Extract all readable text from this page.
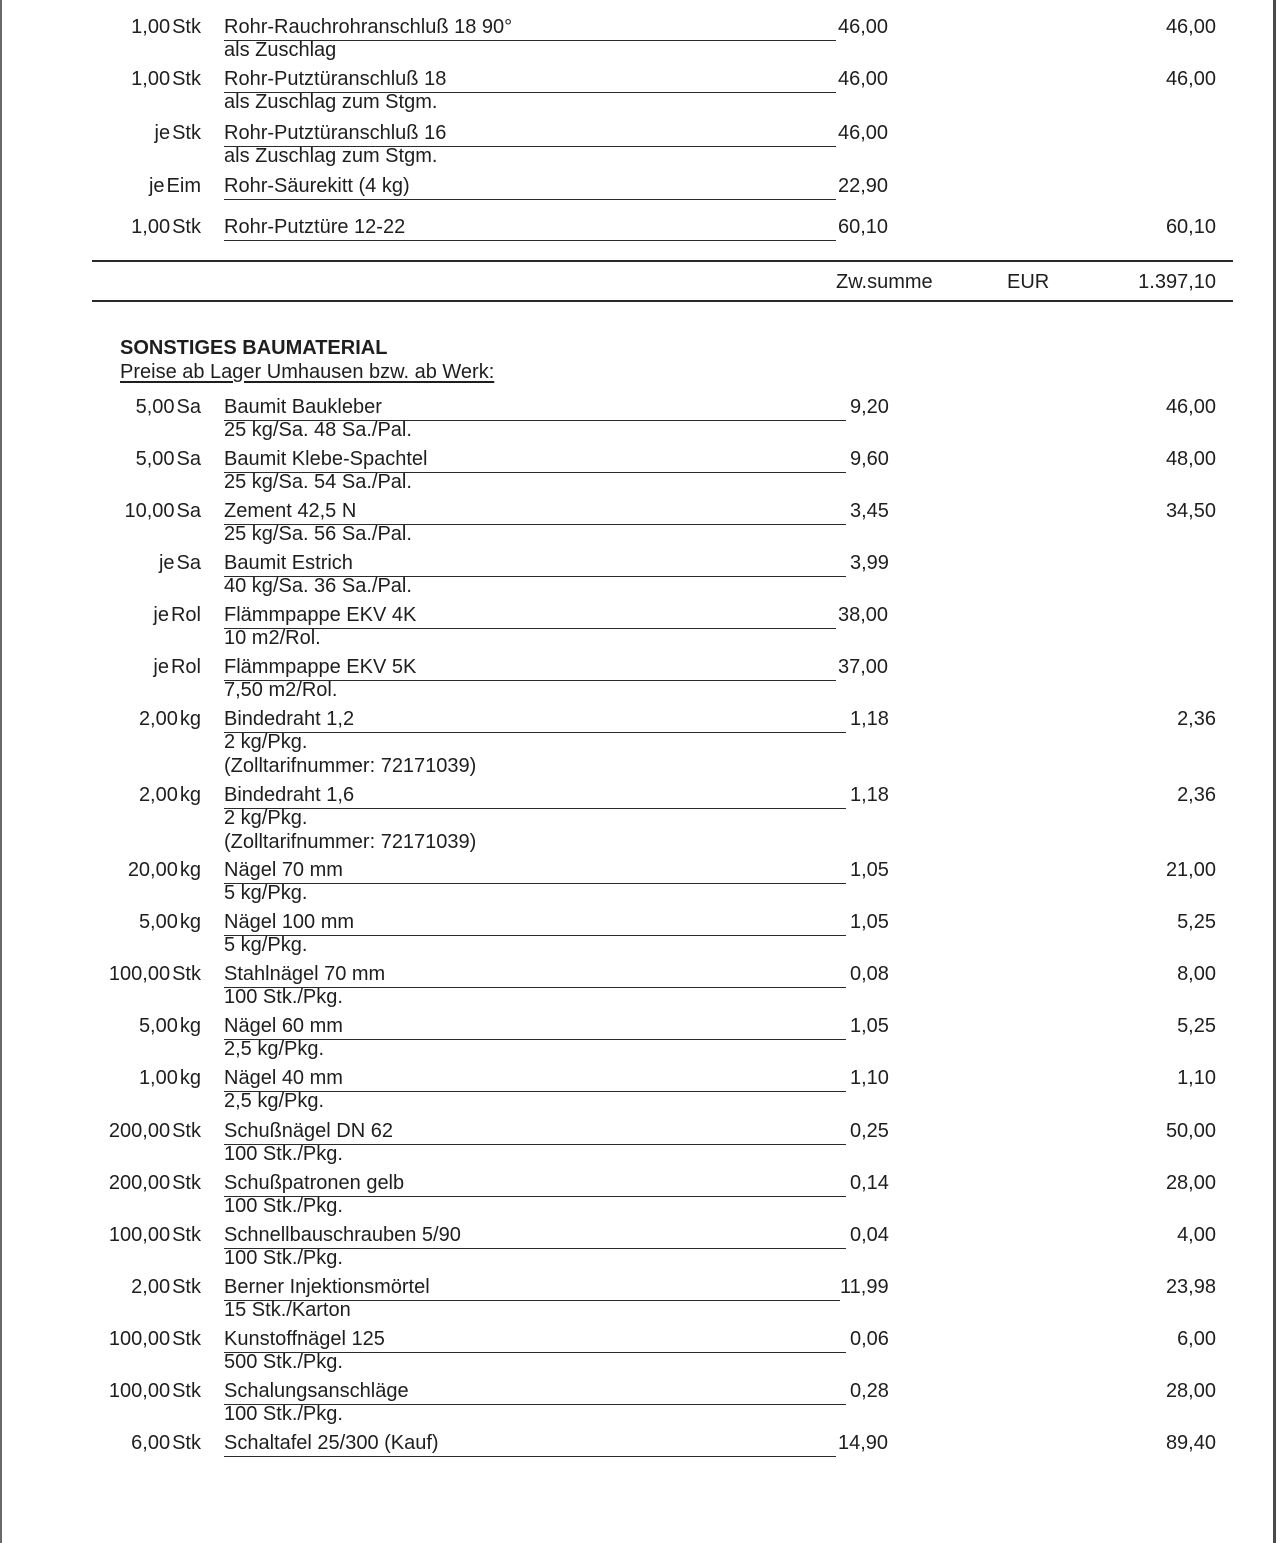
Zw.summe	EUR	1.397,10
SONSTIGES BAUMATERIAL
Preise ab Lager Umhausen bzw. ab Werk:
1,00 Stk Rohr-Rauchrohranschluß 18 90°	46,00	46,00
als Zuschlag
1,00 Stk Rohr-Putztüranschluß 18	46,00	46,00
als Zuschlag zum Stgm.
je Stk Rohr-Putztüranschluß 16	46,00
als Zuschlag zum Stgm.
je Eim Rohr-Säurekitt (4 kg)	22,90
1,00 Stk Rohr-Putztüre 12-22	60,10	60,10
5,00 Sa Baumit Baukleber	9,20	46,00
25 kg/Sa. 48 Sa./Pal.
5,00 Sa Baumit Klebe-Spachtel	9,60	48,00
25 kg/Sa. 54 Sa./Pal.
10,00 Sa Zement 42,5 N	3,45	34,50
25 kg/Sa. 56 Sa./Pal.
je Sa Baumit Estrich	3,99
40 kg/Sa. 36 Sa./Pal.
je Rol Flämmpappe EKV 4K	38,00
10 m2/Rol.
je Rol Flämmpappe EKV 5K	37,00
7,50 m2/Rol.
2,00 kg Bindedraht 1,2	1,18	2,36
2 kg/Pkg.
(Zolltarifnummer: 72171039)
2,00 kg Bindedraht 1,6	1,18	2,36
2 kg/Pkg.
(Zolltarifnummer: 72171039)
20,00 kg Nägel 70 mm	1,05	21,00
5 kg/Pkg.
5,00 kg Nägel 100 mm	1,05	5,25
5 kg/Pkg.
100,00 Stk Stahlnägel 70 mm	0,08	8,00
100 Stk./Pkg.
5,00 kg Nägel 60 mm	1,05	5,25
2,5 kg/Pkg.
1,00 kg Nägel 40 mm	1,10	1,10
2,5 kg/Pkg.
200,00 Stk Schußnägel DN 62	0,25	50,00
100 Stk./Pkg.
200,00 Stk Schußpatronen gelb	0,14	28,00
100 Stk./Pkg.
100,00 Stk Schnellbauschrauben 5/90	0,04	4,00
100 Stk./Pkg.
2,00 Stk Berner Injektionsmörtel	11,99	23,98
15 Stk./Karton
100,00 Stk Kunstoffnägel 125	0,06	6,00
500 Stk./Pkg.
100,00 Stk Schalungsanschläge	0,28	28,00
100 Stk./Pkg.
6,00 Stk Schaltafel 25/300 (Kauf)	14,90	89,40
